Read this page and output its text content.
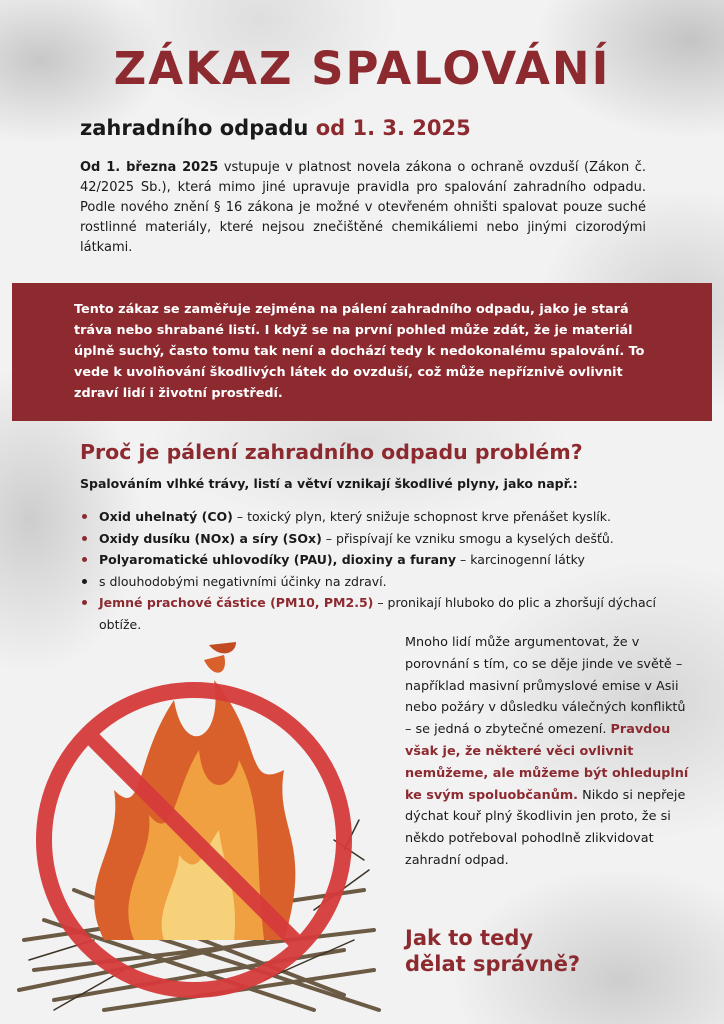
ZÁKAZ SPALOVÁNÍ

zahradního odpadu od 1. 3. 2025

Od 1. března 2025 vstupuje v platnost novela zákona o ochraně ovzduší (Zákon č. 42/2025 Sb.), která mimo jiné upravuje pravidla pro spalování zahradního odpadu. Podle nového znění § 16 zákona je možné v otevřeném ohništi spalovat pouze suché rostlinné materiály, které nejsou znečištěné chemikáliemi nebo jinými cizorodými látkami.

Tento zákaz se zaměřuje zejména na pálení zahradního odpadu, jako je stará tráva nebo shrabané listí. I když se na první pohled může zdát, že je materiál úplně suchý, často tomu tak není a dochází tedy k nedokonalému spalování. To vede k uvolňování škodlivých látek do ovzduší, což může nepříznivě ovlivnit zdraví lidí i životní prostředí.

Proč je pálení zahradního odpadu problém?

Spalováním vlhké trávy, listí a větví vznikají škodlivé plyny, jako např.:

Oxid uhelnatý (CO) – toxický plyn, který snižuje schopnost krve přenášet kyslík.
Oxidy dusíku (NOx) a síry (SOx) – přispívají ke vzniku smogu a kyselých dešťů.
Polyaromatické uhlovodíky (PAU), dioxiny a furany – karcinogenní látky
s dlouhodobými negativními účinky na zdraví.
Jemné prachové částice (PM10, PM2.5) – pronikají hluboko do plic a zhoršují dýchací obtíže.

Mnoho lidí může argumentovat, že v porovnání s tím, co se děje jinde ve světě – například masivní průmyslové emise v Asii nebo požáry v důsledku válečných konfliktů – se jedná o zbytečné omezení. Pravdou však je, že některé věci ovlivnit nemůžeme, ale můžeme být ohleduplní ke svým spoluobčanům. Nikdo si nepřeje dýchat kouř plný škodlivin jen proto, že si někdo potřeboval pohodlně zlikvidovat zahradní odpad.

Jak to tedy
dělat správně?
